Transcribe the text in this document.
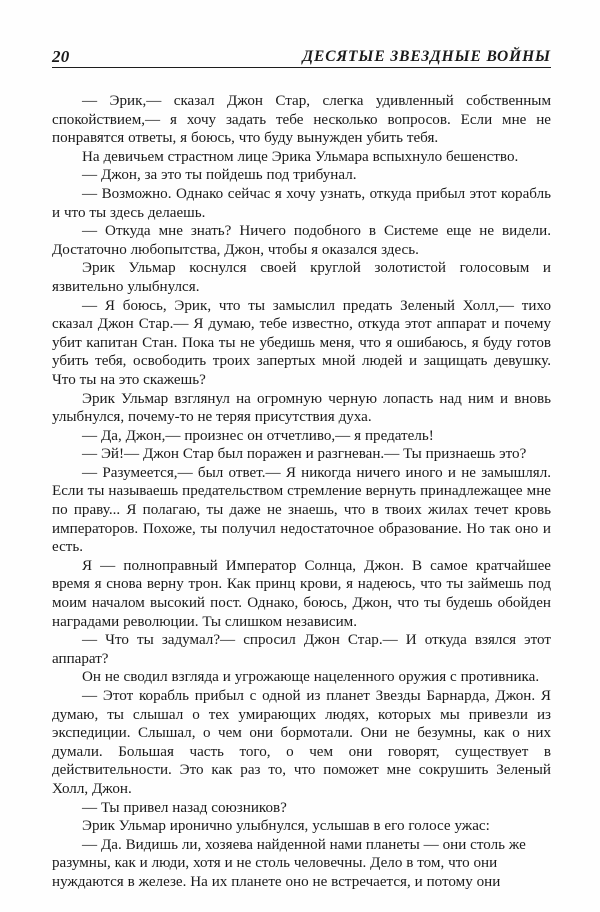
20	ДЕСЯТЫЕ ЗВЕЗДНЫЕ ВОЙНЫ

— Эрик,— сказал Джон Стар, слегка удивленный собственным спокойствием,— я хочу задать тебе несколько вопросов. Если мне не понравятся ответы, я боюсь, что буду вынужден убить тебя.

На девичьем страстном лице Эрика Ульмара вспыхнуло бешенство.

— Джон, за это ты пойдешь под трибунал.

— Возможно. Однако сейчас я хочу узнать, откуда прибыл этот корабль и что ты здесь делаешь.

— Откуда мне знать? Ничего подобного в Системе еще не видели. Достаточно любопытства, Джон, чтобы я оказался здесь.

Эрик Ульмар коснулся своей круглой золотистой голосовым и язвительно улыбнулся.

— Я боюсь, Эрик, что ты замыслил предать Зеленый Холл,— тихо сказал Джон Стар.— Я думаю, тебе известно, откуда этот аппарат и почему убит капитан Стан. Пока ты не убедишь меня, что я ошибаюсь, я буду готов убить тебя, освободить троих запертых мной людей и защищать девушку. Что ты на это скажешь?

Эрик Ульмар взглянул на огромную черную лопасть над ним и вновь улыбнулся, почему-то не теряя присутствия духа.

— Да, Джон,— произнес он отчетливо,— я предатель!

— Эй!— Джон Стар был поражен и разгневан.— Ты признаешь это?

— Разумеется,— был ответ.— Я никогда ничего иного и не замышлял. Если ты называешь предательством стремление вернуть принадлежащее мне по праву... Я полагаю, ты даже не знаешь, что в твоих жилах течет кровь императоров. Похоже, ты получил недостаточное образование. Но так оно и есть.

Я — полноправный Император Солнца, Джон. В самое кратчайшее время я снова верну трон. Как принц крови, я надеюсь, что ты займешь под моим началом высокий пост. Однако, боюсь, Джон, что ты будешь обойден наградами революции. Ты слишком независим.

— Что ты задумал?— спросил Джон Стар.— И откуда взялся этот аппарат?

Он не сводил взгляда и угрожающе нацеленного оружия с противника.

— Этот корабль прибыл с одной из планет Звезды Барнарда, Джон. Я думаю, ты слышал о тех умирающих людях, которых мы привезли из экспедиции. Слышал, о чем они бормотали. Они не безумны, как о них думали. Большая часть того, о чем они говорят, существует в действительности. Это как раз то, что поможет мне сокрушить Зеленый Холл, Джон.

— Ты привел назад союзников?

Эрик Ульмар иронично улыбнулся, услышав в его голосе ужас:

— Да. Видишь ли, хозяева найденной нами планеты — они столь же разумны, как и люди, хотя и не столь человечны. Дело в том, что они нуждаются в железе. На их планете оно не встречается, и потому они
